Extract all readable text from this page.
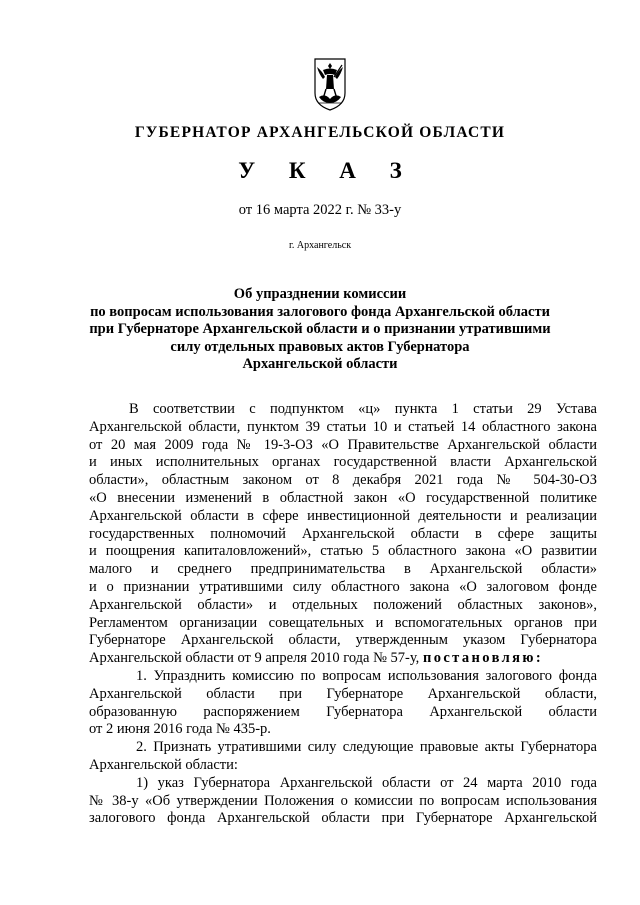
ГУБЕРНАТОР АРХАНГЕЛЬСКОЙ ОБЛАСТИ
У К А З
от 16 марта 2022 г. № 33-у
г. Архангельск
Об упразднении комиссии
по вопросам использования залогового фонда Архангельской области
при Губернаторе Архангельской области и о признании утратившими
силу отдельных правовых актов Губернатора
Архангельской области
В соответствии с подпунктом «ц» пункта 1 статьи 29 Устава
Архангельской области, пунктом 39 статьи 10 и статьей 14 областного закона
от 20 мая 2009 года № 19-3-ОЗ «О Правительстве Архангельской области
и иных исполнительных органах государственной власти Архангельской
области», областным законом от 8 декабря 2021 года № 504-30-ОЗ
«О внесении изменений в областной закон «О государственной политике
Архангельской области в сфере инвестиционной деятельности и реализации
государственных полномочий Архангельской области в сфере защиты
и поощрения капиталовложений», статью 5 областного закона «О развитии
малого и среднего предпринимательства в Архангельской области»
и о признании утратившими силу областного закона «О залоговом фонде
Архангельской области» и отдельных положений областных законов»,
Регламентом организации совещательных и вспомогательных органов при
Губернаторе Архангельской области, утвержденным указом Губернатора
Архангельской области от 9 апреля 2010 года № 57-у, постановляю:
1. Упразднить комиссию по вопросам использования залогового фонда
Архангельской области при Губернаторе Архангельской области,
образованную распоряжением Губернатора Архангельской области
от 2 июня 2016 года № 435-р.
2. Признать утратившими силу следующие правовые акты Губернатора
Архангельской области:
1) указ Губернатора Архангельской области от 24 марта 2010 года
№ 38-у «Об утверждении Положения о комиссии по вопросам использования
залогового фонда Архангельской области при Губернаторе Архангельской
